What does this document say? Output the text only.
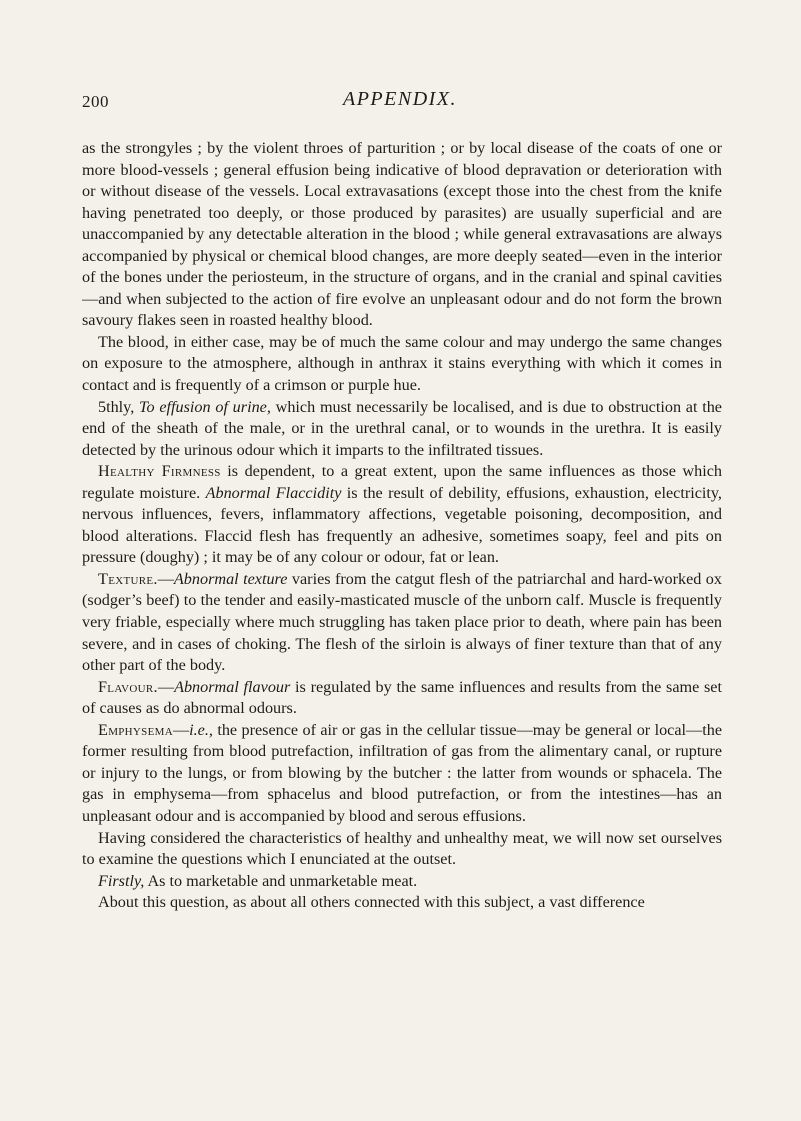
200	APPENDIX.

as the strongyles ; by the violent throes of parturition ; or by local disease of the coats of one or more blood-vessels ; general effusion being indicative of blood depravation or deterioration with or without disease of the vessels. Local extravasations (except those into the chest from the knife having penetrated too deeply, or those produced by parasites) are usually superficial and are unaccompanied by any detectable alteration in the blood ; while general extravasations are always accompanied by physical or chemical blood changes, are more deeply seated—even in the interior of the bones under the periosteum, in the structure of organs, and in the cranial and spinal cavities—and when subjected to the action of fire evolve an unpleasant odour and do not form the brown savoury flakes seen in roasted healthy blood.

The blood, in either case, may be of much the same colour and may undergo the same changes on exposure to the atmosphere, although in anthrax it stains everything with which it comes in contact and is frequently of a crimson or purple hue.

5thly, To effusion of urine, which must necessarily be localised, and is due to obstruction at the end of the sheath of the male, or in the urethral canal, or to wounds in the urethra. It is easily detected by the urinous odour which it imparts to the infiltrated tissues.

Healthy Firmness is dependent, to a great extent, upon the same influences as those which regulate moisture. Abnormal Flaccidity is the result of debility, effusions, exhaustion, electricity, nervous influences, fevers, inflammatory affections, vegetable poisoning, decomposition, and blood alterations. Flaccid flesh has frequently an adhesive, sometimes soapy, feel and pits on pressure (doughy) ; it may be of any colour or odour, fat or lean.

Texture.—Abnormal texture varies from the catgut flesh of the patriarchal and hard-worked ox (sodger’s beef) to the tender and easily-masticated muscle of the unborn calf. Muscle is frequently very friable, especially where much struggling has taken place prior to death, where pain has been severe, and in cases of choking. The flesh of the sirloin is always of finer texture than that of any other part of the body.

Flavour.—Abnormal flavour is regulated by the same influences and results from the same set of causes as do abnormal odours.

Emphysema—i.e., the presence of air or gas in the cellular tissue—may be general or local—the former resulting from blood putrefaction, infiltration of gas from the alimentary canal, or rupture or injury to the lungs, or from blowing by the butcher : the latter from wounds or sphacela. The gas in emphysema—from sphacelus and blood putrefaction, or from the intestines—has an unpleasant odour and is accompanied by blood and serous effusions.

Having considered the characteristics of healthy and unhealthy meat, we will now set ourselves to examine the questions which I enunciated at the outset.

Firstly, As to marketable and unmarketable meat.

About this question, as about all others connected with this subject, a vast difference
